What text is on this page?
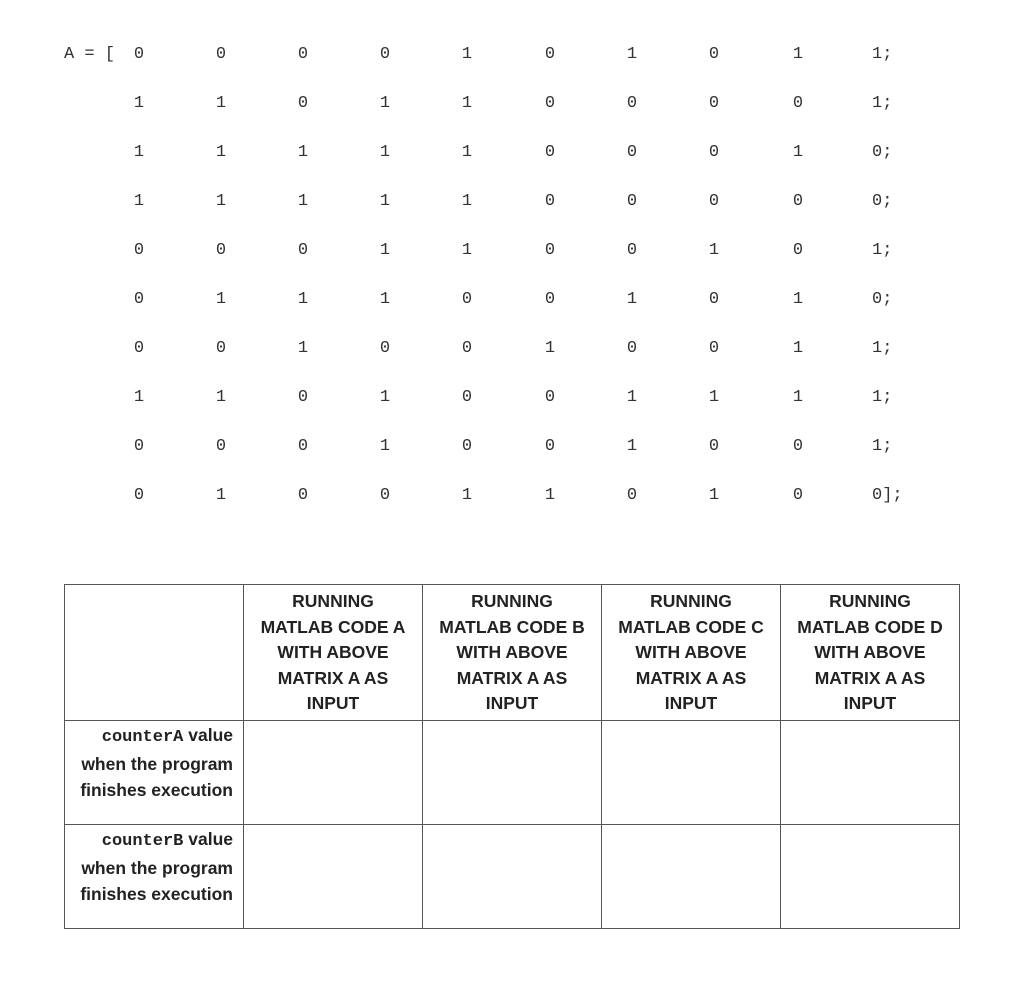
A = [ 0	0	0	0	1	0	1	0	1	1;
1	1	0	1	1	0	0	0	0	1;
1	1	1	1	1	0	0	0	1	0;
1	1	1	1	1	0	0	0	0	0;
0	0	0	1	1	0	0	1	0	1;
0	1	1	1	0	0	1	0	1	0;
0	0	1	0	0	1	0	0	1	1;
1	1	0	1	0	0	1	1	1	1;
0	0	0	1	0	0	1	0	0	1;
0	1	0	0	1	1	0	1	0	0];

	RUNNING
MATLAB CODE A
WITH ABOVE
MATRIX A AS
INPUT	RUNNING
MATLAB CODE B
WITH ABOVE
MATRIX A AS
INPUT	RUNNING
MATLAB CODE C
WITH ABOVE
MATRIX A AS
INPUT	RUNNING
MATLAB CODE D
WITH ABOVE
MATRIX A AS
INPUT

counterA value when the program finishes execution				
counterB value when the program finishes execution				
